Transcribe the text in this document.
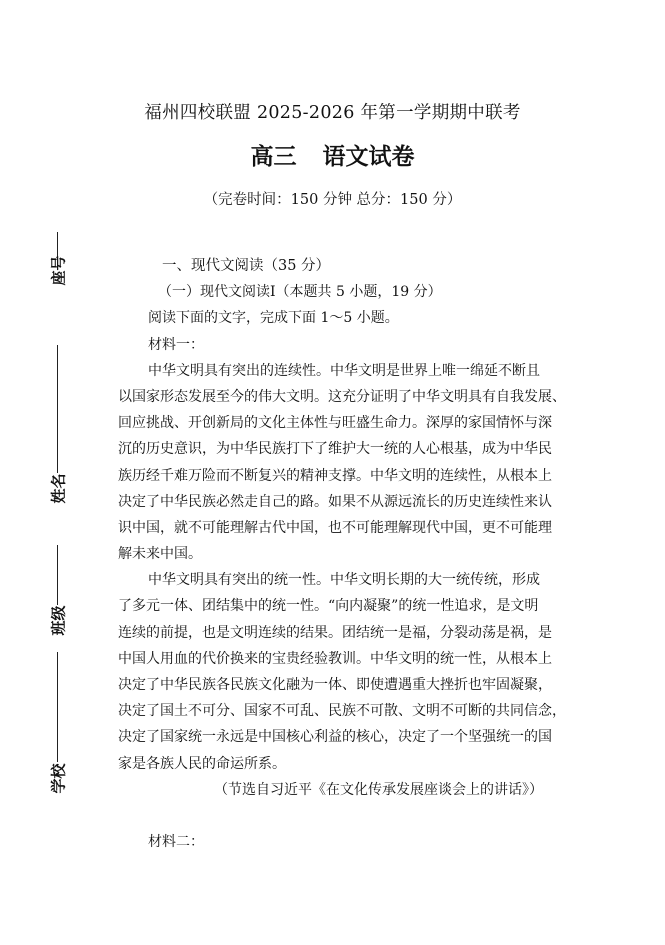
福州四校联盟 2025-2026 年第一学期期中联考
高三 语文试卷
（完卷时间：150 分钟 总分：150 分）
座号
姓名
班级
学校
一、现代文阅读（35 分）
（一）现代文阅读Ⅰ（本题共 5 小题，19 分）
阅读下面的文字，完成下面 1～5 小题。
材料一：
中华文明具有突出的连续性。中华文明是世界上唯一绵延不断且
以国家形态发展至今的伟大文明。这充分证明了中华文明具有自我发展、
回应挑战、开创新局的文化主体性与旺盛生命力。深厚的家国情怀与深
沉的历史意识，为中华民族打下了维护大一统的人心根基，成为中华民
族历经千难万险而不断复兴的精神支撑。中华文明的连续性，从根本上
决定了中华民族必然走自己的路。如果不从源远流长的历史连续性来认
识中国，就不可能理解古代中国，也不可能理解现代中国，更不可能理
解未来中国。
中华文明具有突出的统一性。中华文明长期的大一统传统，形成
了多元一体、团结集中的统一性。“向内凝聚”的统一性追求，是文明
连续的前提，也是文明连续的结果。团结统一是福，分裂动荡是祸，是
中国人用血的代价换来的宝贵经验教训。中华文明的统一性，从根本上
决定了中华民族各民族文化融为一体、即使遭遇重大挫折也牢固凝聚，
决定了国土不可分、国家不可乱、民族不可散、文明不可断的共同信念，
决定了国家统一永远是中国核心利益的核心，决定了一个坚强统一的国
家是各族人民的命运所系。
（节选自习近平《在文化传承发展座谈会上的讲话》）
材料二：
